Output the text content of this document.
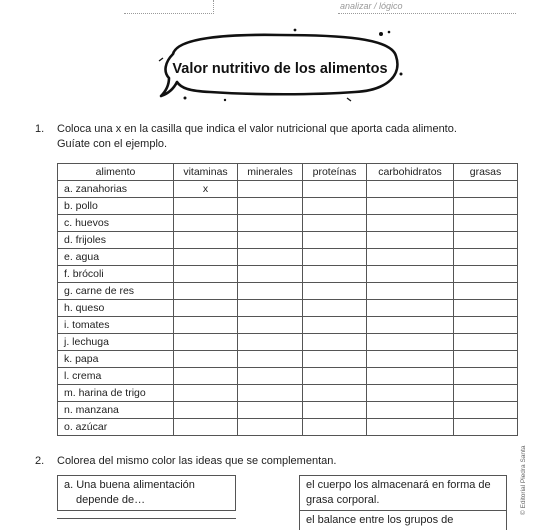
analizar / lógico
Valor nutritivo de los alimentos
1. Coloca una x en la casilla que indica el valor nutricional que aporta cada alimento.
Guíate con el ejemplo.
alimento	vitaminas	minerales	proteínas	carbohidratos	grasas
a. zanahorias	x				
b. pollo					
c. huevos					
d. frijoles					
e. agua					
f. brócoli					
g. carne de res					
h. queso					
i. tomates					
j. lechuga					
k. papa					
l. crema					
m. harina de trigo					
n. manzana					
o. azúcar					
2. Colorea del mismo color las ideas que se complementan.
a. Una buena alimentación
depende de…
el cuerpo los almacenará en forma de
grasa corporal.
el balance entre los grupos de
© Editorial Piedra Santa
